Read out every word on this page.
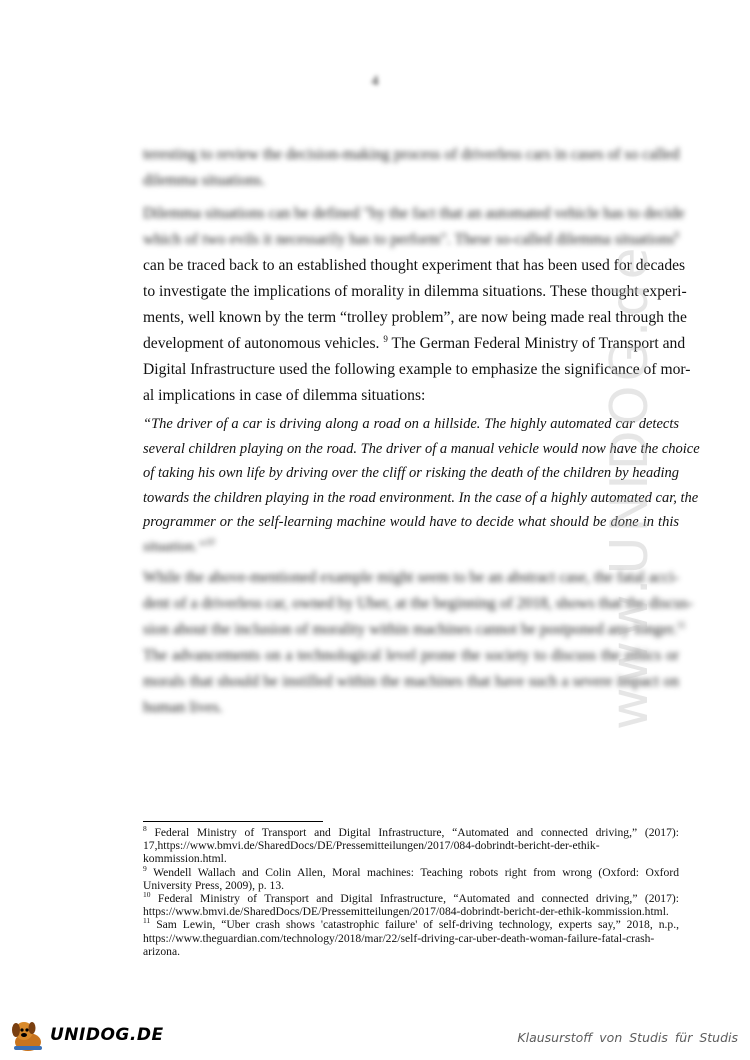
4
teresting to review the decision-making process of driverless cars in cases of so called
dilemma situations.
Dilemma situations can be defined "by the fact that an automated vehicle has to decide
which of two evils it necessarily has to perform". These so-called dilemma situations$^8$
can be traced back to an established thought experiment that has been used for decades
to investigate the implications of morality in dilemma situations. These thought experi-
ments, well known by the term “trolley problem”, are now being made real through the
development of autonomous vehicles. $^9$ The German Federal Ministry of Transport and
Digital Infrastructure used the following example to emphasize the significance of mor-
al implications in case of dilemma situations:
“The driver of a car is driving along a road on a hillside. The highly automated car detects
several children playing on the road. The driver of a manual vehicle would now have the choice
of taking his own life by driving over the cliff or risking the death of the children by heading
towards the children playing in the road environment. In the case of a highly automated car, the
programmer or the self-learning machine would have to decide what should be done in this
situation.”$^{10}$
While the above-mentioned example might seem to be an abstract case, the fatal acci-
dent of a driverless car, owned by Uber, at the beginning of 2018, shows that the discus-
sion about the inclusion of morality within machines cannot be postponed any longer.$^{11}$
The advancements on a technological level prone the society to discuss the ethics or
morals that should be instilled within the machines that have such a severe impact on
human lives.

$^8$ Federal Ministry of Transport and Digital Infrastructure, “Automated and connected driving,” (2017): 17,https://www.bmvi.de/SharedDocs/DE/Pressemitteilungen/2017/084-dobrindt-bericht-der-ethik-kommission.html.

$^9$ Wendell Wallach and Colin Allen, Moral machines: Teaching robots right from wrong (Oxford: Oxford University Press, 2009), p. 13.

$^{10}$ Federal Ministry of Transport and Digital Infrastructure, “Automated and connected driving,” (2017): https://www.bmvi.de/SharedDocs/DE/Pressemitteilungen/2017/084-dobrindt-bericht-der-ethik-kommission.html.

$^{11}$ Sam Lewin, “Uber crash shows 'catastrophic failure' of self-driving technology, experts say,” 2018, n.p., https://www.theguardian.com/technology/2018/mar/22/self-driving-car-uber-death-woman-failure-fatal-crash-arizona.

www.UNIDOG.de
UNIDOG.DE	Klausurstoff von Studis für Studis
